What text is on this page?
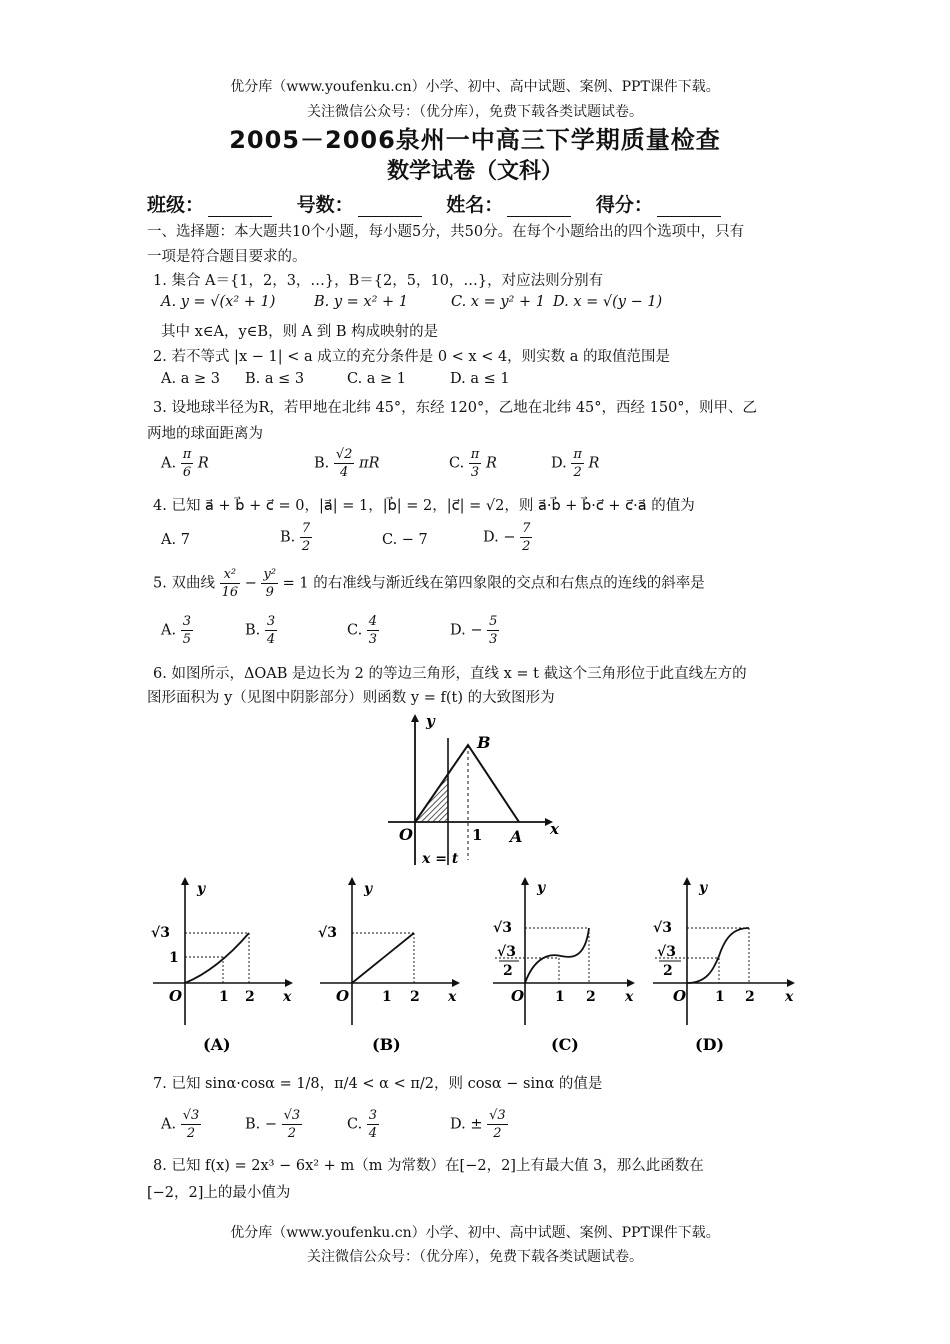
优分库（www.youfenku.cn）小学、初中、高中试题、案例、PPT课件下载。
关注微信公众号：（优分库），免费下载各类试题试卷。
2005－2006泉州一中高三下学期质量检查
数学试卷（文科）
班级：	号数：	姓名：	得分：
一、选择题：本大题共10个小题，每小题5分，共50分。在每个小题给出的四个选项中，只有
一项是符合题目要求的。
1. 集合 A＝{1，2，3，…}，B＝{2，5，10，…}，对应法则分别有
A. y = √(x² + 1)	B. y = x² + 1	C. x = y² + 1 D. x = √(y − 1)
其中 x∈A，y∈B，则 A 到 B 构成映射的是
2. 若不等式 |x − 1| < a 成立的充分条件是 0 < x < 4，则实数 a 的取值范围是
A. a ≥ 3 B. a ≤ 3	C. a ≥ 1	D. a ≤ 1
3. 设地球半径为R，若甲地在北纬 45°，东经 120°，乙地在北纬 45°，西经 150°，则甲、乙
两地的球面距离为
A. $\frac{\pi}{6}$ R	B. $\frac{√2}{4}$ πR	C. $\frac{\pi}{3}$ R	D. $\frac{\pi}{2}$ R
4. 已知 a⃗ + b⃗ + c⃗ = 0，|a⃗| = 1，|b⃗| = 2，|c⃗| = √2，则 a⃗·b⃗ + b⃗·c⃗ + c⃗·a⃗ 的值为
A. 7	B. $\frac{7}{2}$	C. − 7	D. − $\frac{7}{2}$
5. 双曲线 $\frac{\text{x²}}{16} - \frac{\text{y²}}{9} = 1$ 的右准线与渐近线在第四象限的交点和右焦点的连线的斜率是
A. $\frac{3}{5}$	B. $\frac{3}{4}$	C. $\frac{4}{3}$	D. − $\frac{5}{3}$
6. 如图所示，ΔOAB 是边长为 2 的等边三角形，直线 x = t 截这个三角形位于此直线左方的
图形面积为 y（见图中阴影部分）则函数 y = f(t) 的大致图形为
y
x
O	1 A
B
x = t
√3
1
O	1 2 x
y
(A)
√3
O 1 2 x
y
(B)
√3
√3
2
O 1 2 x
y
(C)
√3
√3
2
O 1 2 x
y
(D)
7. 已知 sinα·cosα = 1/8，π/4 < α < π/2，则 cosα − sinα 的值是
A. $\frac{√3}{2}$	B. − $\frac{√3}{2}$	C. $\frac{3}{4}$	D. ± $\frac{√3}{2}$
8. 已知 f(x) = 2x³ − 6x² + m（m 为常数）在[−2，2]上有最大值 3，那么此函数在
[−2，2]上的最小值为
优分库（www.youfenku.cn）小学、初中、高中试题、案例、PPT课件下载。
关注微信公众号：（优分库），免费下载各类试题试卷。
